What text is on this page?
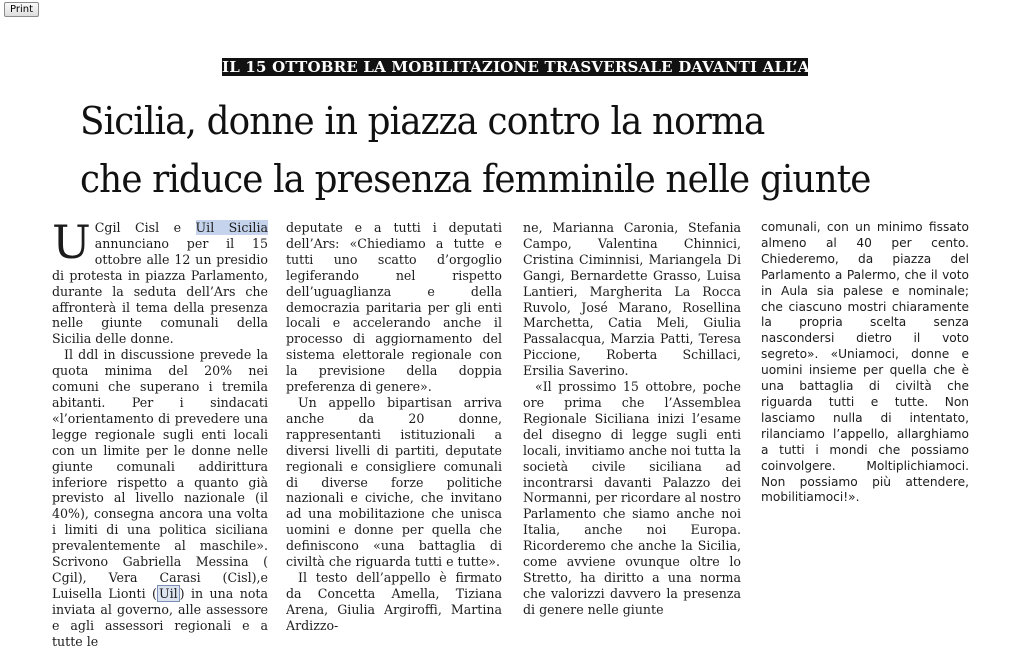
Print
IL 15 OTTOBRE LA MOBILITAZIONE TRASVERSALE DAVANTI ALL’ARS
Sicilia, donne in piazza contro la norma
che riduce la presenza femminile nelle giunte

U Cgil Cisl e Uil Sicilia annunciano per il 15 ottobre alle 12 un presidio di protesta in piazza Parlamento, durante la seduta dell’Ars che affronterà il tema della presenza nelle giunte comunali della Sicilia delle donne.

Il ddl in discussione prevede la quota minima del 20% nei comuni che superano i tremila abitanti. Per i sindacati «l’orientamento di prevedere una legge regionale sugli enti locali con un limite per le donne nelle giunte comunali addirittura inferiore rispetto a quanto già previsto al livello nazionale (il 40%), consegna ancora una volta i limiti di una politica siciliana prevalentemente al maschile». Scrivono Gabriella Messina ( Cgil), Vera Carasi (Cisl),e Luisella Lionti ( Uil ) in una nota inviata al governo, alle assessore e agli assessori regionali e a tutte le

deputate e a tutti i deputati dell’Ars: «Chiediamo a tutte e tutti uno scatto d’orgoglio legiferando nel rispetto dell’uguaglianza e della democrazia paritaria per gli enti locali e accelerando anche il processo di aggiornamento del sistema elettorale regionale con la previsione della doppia preferenza di genere».

Un appello bipartisan arriva anche da 20 donne, rappresentanti istituzionali a diversi livelli di partiti, deputate regionali e consigliere comunali di diverse forze politiche nazionali e civiche, che invitano ad una mobilitazione che unisca uomini e donne per quella che definiscono «una battaglia di civiltà che riguarda tutti e tutte».

Il testo dell’appello è firmato da Concetta Amella, Tiziana Arena, Giulia Argiroffi, Martina Ardizzo-

ne, Marianna Caronia, Stefania Campo, Valentina Chinnici, Cristina Ciminnisi, Mariangela Di Gangi, Bernardette Grasso, Luisa Lantieri, Margherita La Rocca Ruvolo, José Marano, Rosellina Marchetta, Catia Meli, Giulia Passalacqua, Marzia Patti, Teresa Piccione, Roberta Schillaci, Ersilia Saverino.

«Il prossimo 15 ottobre, poche ore prima che l’Assemblea Regionale Siciliana inizi l’esame del disegno di legge sugli enti locali, invitiamo anche noi tutta la società civile siciliana ad incontrarsi davanti Palazzo dei Normanni, per ricordare al nostro Parlamento che siamo anche noi Italia, anche noi Europa. Ricorderemo che anche la Sicilia, come avviene ovunque oltre lo Stretto, ha diritto a una norma che valorizzi davvero la presenza di genere nelle giunte

comunali, con un minimo fissato almeno al 40 per cento. Chiederemo, da piazza del Parlamento a Palermo, che il voto in Aula sia palese e nominale; che ciascuno mostri chiaramente la propria scelta senza nascondersi dietro il voto segreto». «Uniamoci, donne e uomini insieme per quella che è una battaglia di civiltà che riguarda tutti e tutte. Non lasciamo nulla di intentato, rilanciamo l’appello, allarghiamo a tutti i mondi che possiamo coinvolgere. Moltiplichiamoci. Non possiamo più attendere, mobilitiamoci!».
